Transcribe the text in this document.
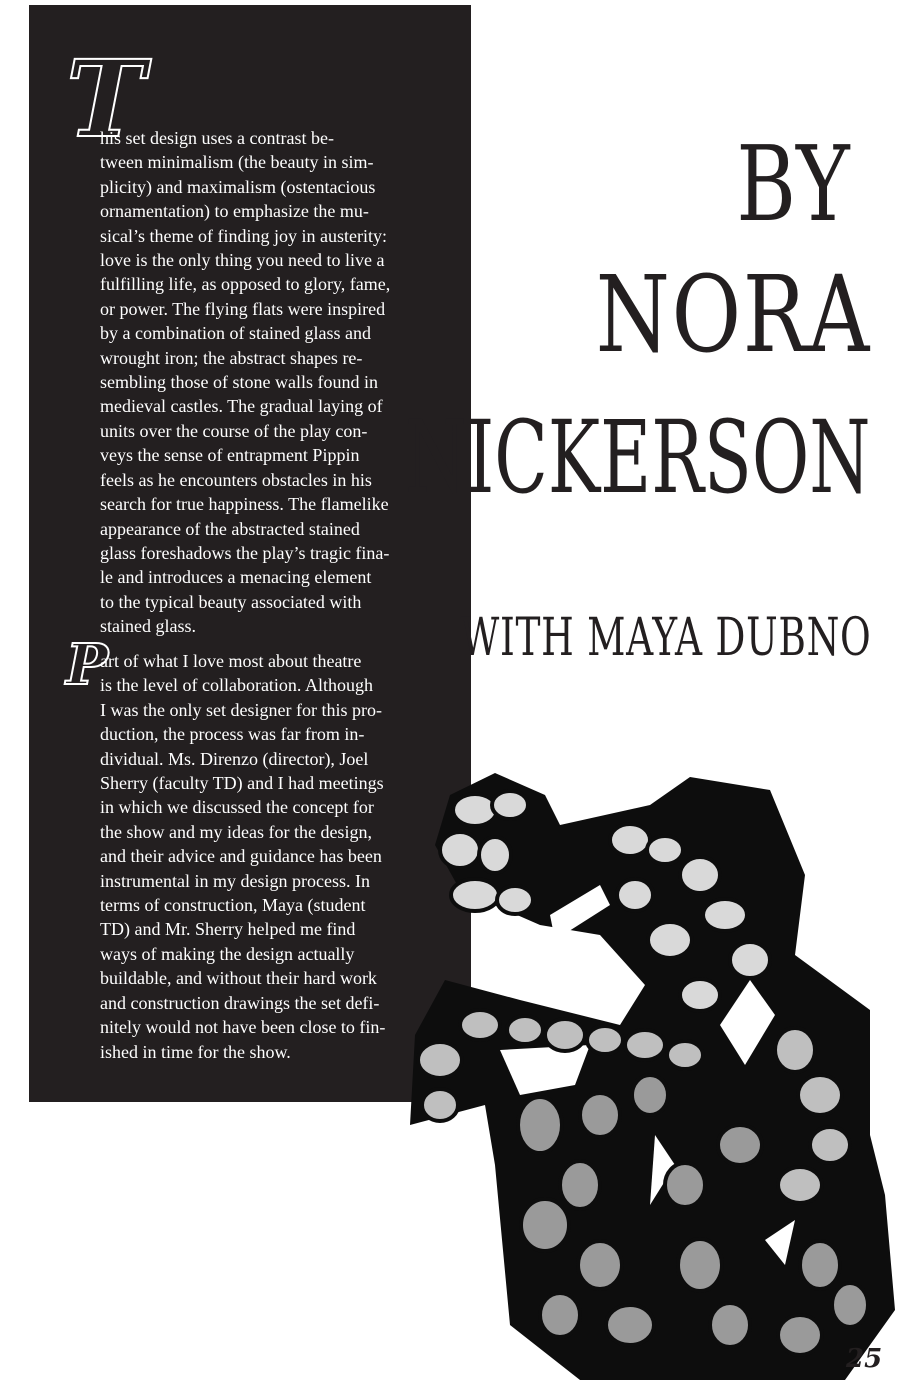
T
P
his set design uses a contrast be-
tween minimalism (the beauty in sim-
plicity) and maximalism (ostentacious
ornamentation) to emphasize the mu-
sical’s theme of finding joy in austerity:
love is the only thing you need to live a
fulfilling life, as opposed to glory, fame,
or power. The flying flats were inspired
by a combination of stained glass and
wrought iron; the abstract shapes re-
sembling those of stone walls found in
medieval castles. The gradual laying of
units over the course of the play con-
veys the sense of entrapment Pippin
feels as he encounters obstacles in his
search for true happiness. The flamelike
appearance of the abstracted stained
glass foreshadows the play’s tragic fina-
le and introduces a menacing element
to the typical beauty associated with
stained glass.
art of what I love most about theatre
is the level of collaboration. Although
I was the only set designer for this pro-
duction, the process was far from in-
dividual. Ms. Direnzo (director), Joel
Sherry (faculty TD) and I had meetings
in which we discussed the concept for
the show and my ideas for the design,
and their advice and guidance has been
instrumental in my design process. In
terms of construction, Maya (student
TD) and Mr. Sherry helped me find
ways of making the design actually
buildable, and without their hard work
and construction drawings the set defi-
nitely would not have been close to fin-
ished in time for the show.
BY
NORA
NICKERSON
WITH MAYA DUBNO
25
